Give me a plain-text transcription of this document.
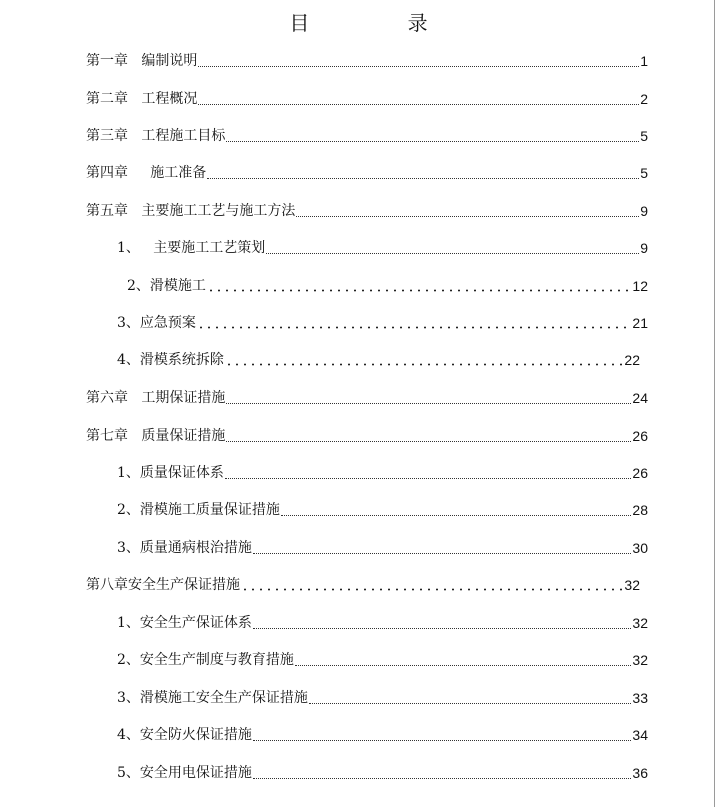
目 录
第一章   编制说明	1
第二章   工程概况	2
第三章   工程施工目标	5
第四章     施工准备	5
第五章   主要施工工艺与施工方法	9
1、   主要施工工艺策划	9
2、滑模施工	12
3、应急预案	21
4、滑模系统拆除	22
第六章   工期保证措施	24
第七章   质量保证措施	26
1、质量保证体系	26
2、滑模施工质量保证措施	28
3、质量通病根治措施	30
第八章安全生产保证措施	32
1、安全生产保证体系	32
2、安全生产制度与教育措施	32
3、滑模施工安全生产保证措施	33
4、安全防火保证措施	34
5、安全用电保证措施	36
